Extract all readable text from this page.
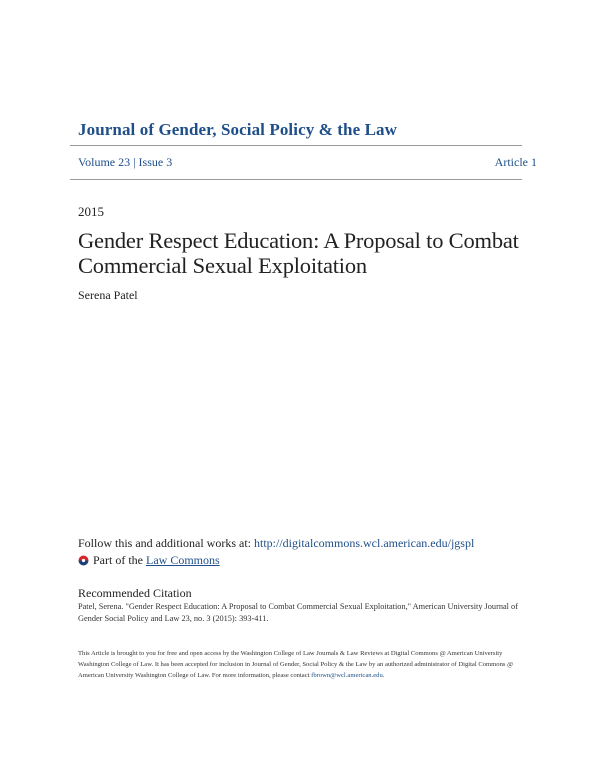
Journal of Gender, Social Policy & the Law
Volume 23 | Issue 3	Article 1
2015
Gender Respect Education: A Proposal to Combat Commercial Sexual Exploitation
Serena Patel
Follow this and additional works at: http://digitalcommons.wcl.american.edu/jgspl
Part of the Law Commons
Recommended Citation
Patel, Serena. "Gender Respect Education: A Proposal to Combat Commercial Sexual Exploitation," American University Journal of Gender Social Policy and Law 23, no. 3 (2015): 393-411.
This Article is brought to you for free and open access by the Washington College of Law Journals & Law Reviews at Digital Commons @ American University Washington College of Law. It has been accepted for inclusion in Journal of Gender, Social Policy & the Law by an authorized administrator of Digital Commons @ American University Washington College of Law. For more information, please contact fbrown@wcl.american.edu.
